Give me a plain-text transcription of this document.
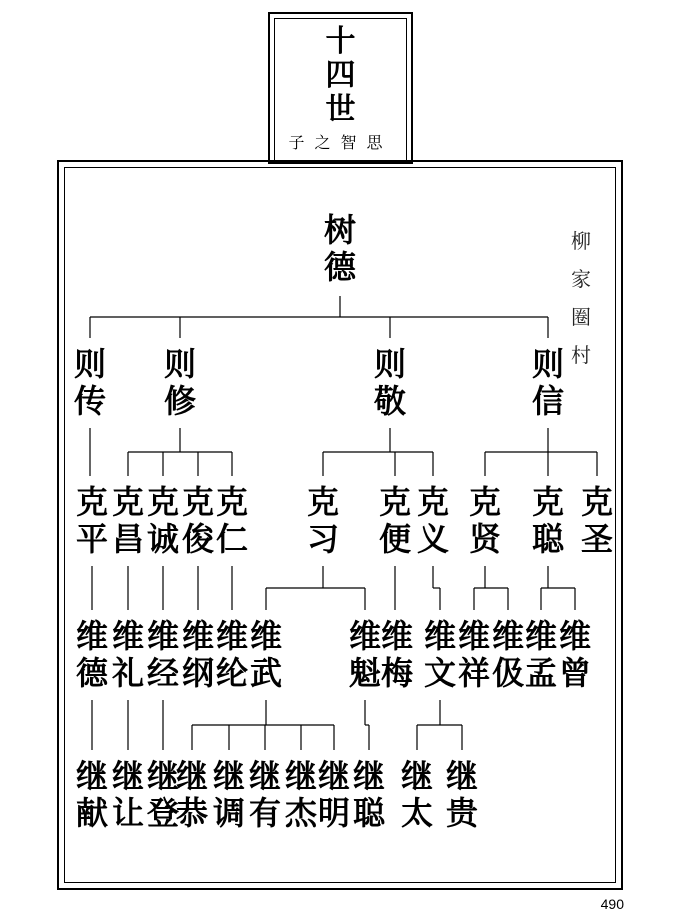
十
四
世
子之智思
树
德
则
传
则
修
则
敬
则
信
克
平
克
昌
克
诚
克
俊
克
仁
克
习
克
便
克
义
克
贤
克
聪
克
圣
维
德
维
礼
维
经
维
纲
维
纶
维
武
维
魁
维
梅
维
文
维
祥
维
伋
维
孟
维
曾
继
献
继
让
继
登
继
恭
继
调
继
有
继
杰
继
明
继
聪
继
太
继
贵
柳
家
圈
村
490
